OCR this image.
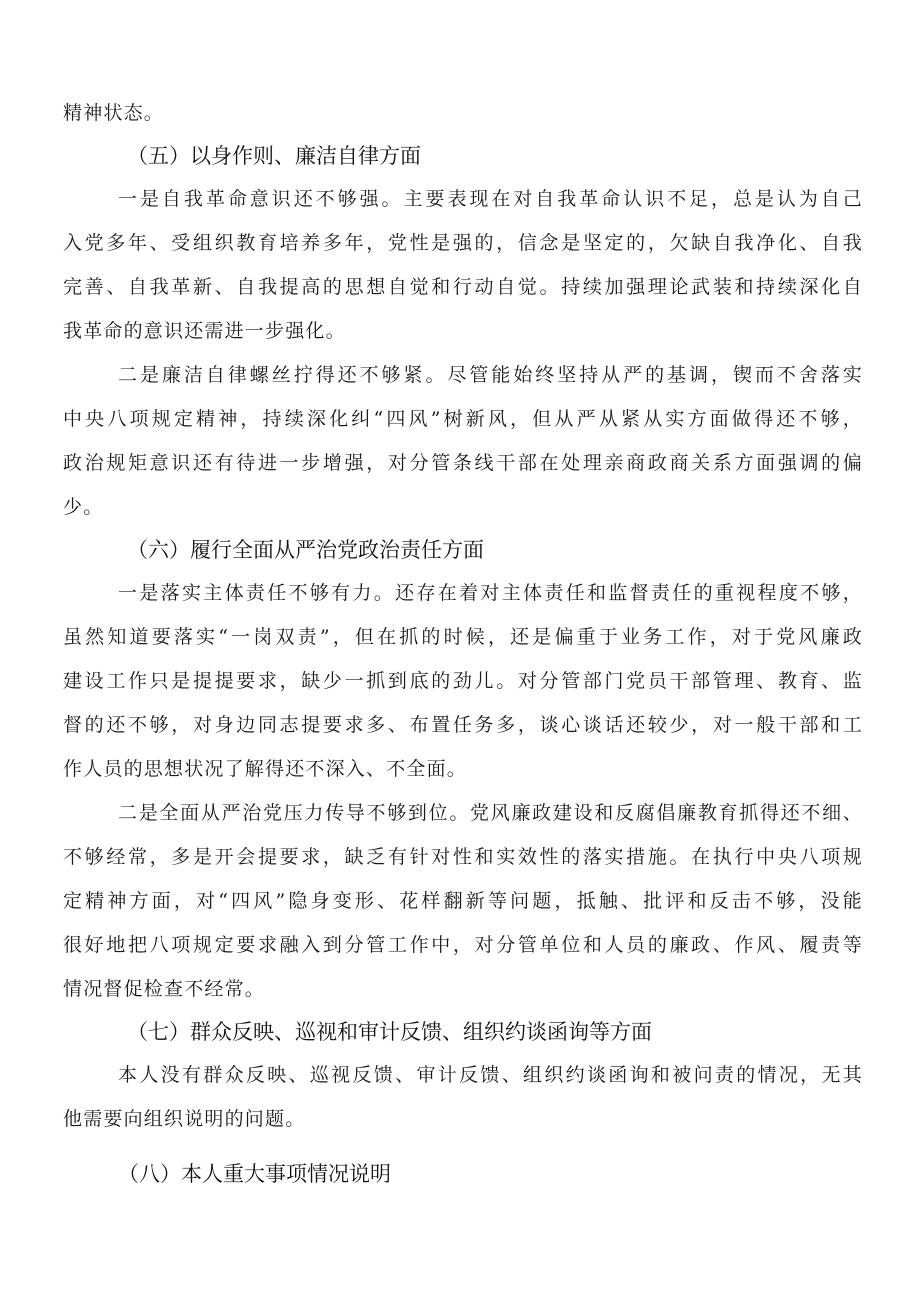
精神状态。
（五）以身作则、廉洁自律方面
一是自我革命意识还不够强。主要表现在对自我革命认识不足，总是认为自己
入党多年、受组织教育培养多年，党性是强的，信念是坚定的，欠缺自我净化、自我
完善、自我革新、自我提高的思想自觉和行动自觉。持续加强理论武装和持续深化自
我革命的意识还需进一步强化。
二是廉洁自律螺丝拧得还不够紧。尽管能始终坚持从严的基调，锲而不舍落实
中央八项规定精神，持续深化纠“四风”树新风，但从严从紧从实方面做得还不够，
政治规矩意识还有待进一步增强，对分管条线干部在处理亲商政商关系方面强调的偏
少。
（六）履行全面从严治党政治责任方面
一是落实主体责任不够有力。还存在着对主体责任和监督责任的重视程度不够，
虽然知道要落实“一岗双责”，但在抓的时候，还是偏重于业务工作，对于党风廉政
建设工作只是提提要求，缺少一抓到底的劲儿。对分管部门党员干部管理、教育、监
督的还不够，对身边同志提要求多、布置任务多，谈心谈话还较少，对一般干部和工
作人员的思想状况了解得还不深入、不全面。
二是全面从严治党压力传导不够到位。党风廉政建设和反腐倡廉教育抓得还不细、
不够经常，多是开会提要求，缺乏有针对性和实效性的落实措施。在执行中央八项规
定精神方面，对“四风”隐身变形、花样翻新等问题，抵触、批评和反击不够，没能
很好地把八项规定要求融入到分管工作中，对分管单位和人员的廉政、作风、履责等
情况督促检查不经常。
（七）群众反映、巡视和审计反馈、组织约谈函询等方面
本人没有群众反映、巡视反馈、审计反馈、组织约谈函询和被问责的情况，无其
他需要向组织说明的问题。
（八）本人重大事项情况说明
